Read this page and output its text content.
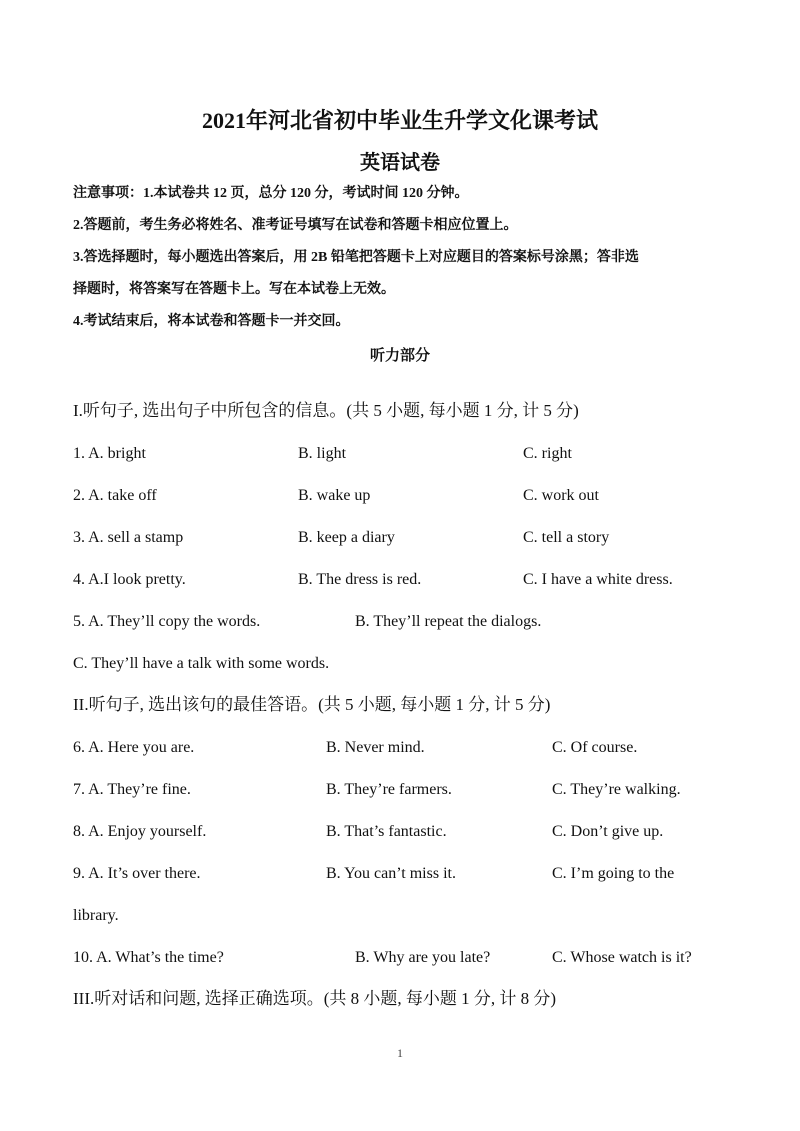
2021年河北省初中毕业生升学文化课考试
英语试卷
注意事项：1.本试卷共 12 页，总分 120 分，考试时间 120 分钟。
2.答题前，考生务必将姓名、准考证号填写在试卷和答题卡相应位置上。
3.答选择题时，每小题选出答案后，用 2B 铅笔把答题卡上对应题目的答案标号涂黑；答非选
择题时，将答案写在答题卡上。写在本试卷上无效。
4.考试结束后，将本试卷和答题卡一并交回。
听力部分
I.听句子, 选出句子中所包含的信息。(共 5 小题, 每小题 1 分, 计 5 分)
1. A. bright	B. light	C. right
2. A. take off	B. wake up	C. work out
3. A. sell a stamp	B. keep a diary	C. tell a story
4. A.I look pretty.	B. The dress is red.	C. I have a white dress.
5. A. They’ll copy the words.	B. They’ll repeat the dialogs.
C. They’ll have a talk with some words.
II.听句子, 选出该句的最佳答语。(共 5 小题, 每小题 1 分, 计 5 分)
6. A. Here you are.	B. Never mind.	C. Of course.
7. A. They’re fine.	B. They’re farmers.	C. They’re walking.
8. A. Enjoy yourself.	B. That’s fantastic.	C. Don’t give up.
9. A. It’s over there.	B. You can’t miss it.	C. I’m going to the
library.
10. A. What’s the time?	B. Why are you late?	C. Whose watch is it?
III.听对话和问题, 选择正确选项。(共 8 小题, 每小题 1 分, 计 8 分)
1
